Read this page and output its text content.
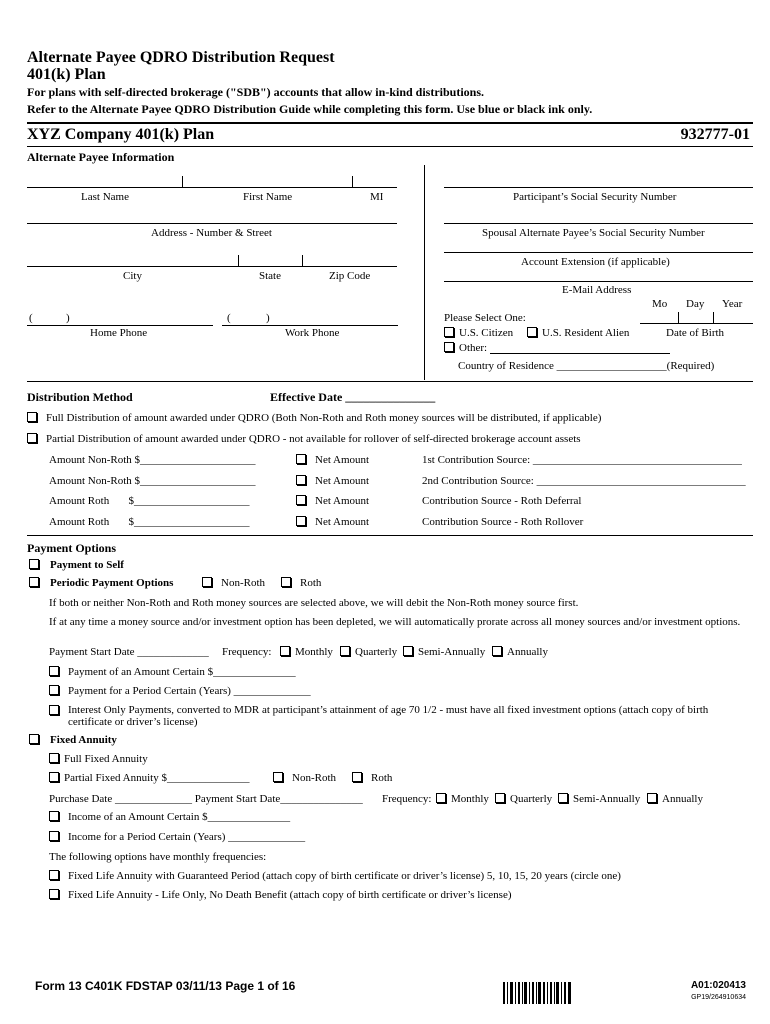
Alternate Payee QDRO Distribution Request
401(k) Plan
For plans with self-directed brokerage ("SDB") accounts that allow in-kind distributions.
Refer to the Alternate Payee QDRO Distribution Guide while completing this form. Use blue or black ink only.
XYZ Company 401(k) Plan	932777-01
Alternate Payee Information
Last Name	First Name	MI
Address - Number & Street
City	State	Zip Code
(	)	(	)
Home Phone	Work Phone
Participant’s Social Security Number
Spousal Alternate Payee’s Social Security Number
Account Extension (if applicable)
E-Mail Address
Mo Day Year
Date of Birth
Please Select One:
U.S. Citizen	U.S. Resident Alien
Other:
Country of Residence ____________________(Required)
Distribution Method	Effective Date _______________
Full Distribution of amount awarded under QDRO (Both Non-Roth and Roth money sources will be distributed, if applicable)
Partial Distribution of amount awarded under QDRO - not available for rollover of self-directed brokerage account assets
Amount Non-Roth $_____________________	Net Amount	1st Contribution Source: ______________________________________
Amount Non-Roth $_____________________	Net Amount	2nd Contribution Source: ______________________________________
Amount Roth       $_____________________	Net Amount	Contribution Source - Roth Deferral
Amount Roth       $_____________________	Net Amount	Contribution Source - Roth Rollover
Payment Options
Payment to Self
Periodic Payment Options	Non-Roth	Roth
If both or neither Non-Roth and Roth money sources are selected above, we will debit the Non-Roth money source first.
If at any time a money source and/or investment option has been depleted, we will automatically prorate across all money sources and/or investment options.
Payment Start Date _____________ Frequency:	Monthly	Quarterly	Semi-Annually	Annually
Payment of an Amount Certain $_______________
Payment for a Period Certain (Years) ______________
Interest Only Payments, converted to MDR at participant’s attainment of age 70 1/2 - must have all fixed investment options (attach copy of birth certificate or driver’s license)
Fixed Annuity
Full Fixed Annuity
Partial Fixed Annuity $_______________	Non-Roth	Roth
Purchase Date ______________ Payment Start Date_______________ Frequency:	Monthly	Quarterly	Semi-Annually	Annually
Income of an Amount Certain $_______________
Income for a Period Certain (Years) ______________
The following options have monthly frequencies:
Fixed Life Annuity with Guaranteed Period (attach copy of birth certificate or driver’s license) 5, 10, 15, 20 years (circle one)
Fixed Life Annuity - Life Only, No Death Benefit (attach copy of birth certificate or driver’s license)
Form 13 C401K FDSTAP 03/11/13 Page 1 of 16	A01:020413
GP19/264910634
